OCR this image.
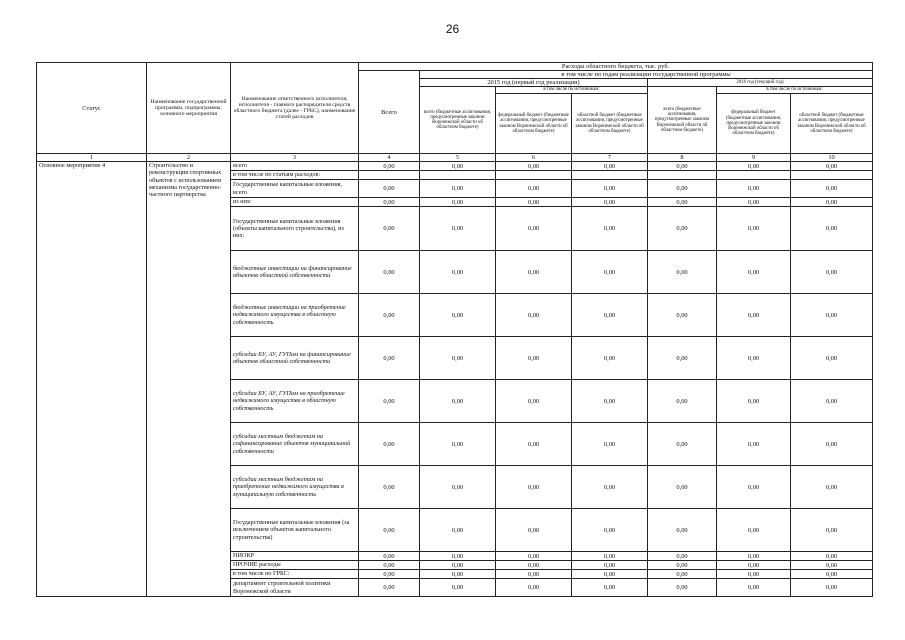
26
Статус	Наименование государственной программы, подпрограммы, основного мероприятия	Наименование ответственного исполнителя, исполнителя - главного распорядителя средств областного бюджета (далее - ГРБС), наименование статей расходов	Расходы областного бюджета, тыс. руб.						
			Всего	в том числе по годам реализации государственной программы					
				2015 год (первый год реализации)			2016 год (текущий год)		
				всего (бюджетные ассигнования, предусмотренные законом Воронежской области об областном бюджете)	в том числе по источникам:		всего (бюджетные ассигнования, предусмотренные законом Воронежской области об областном бюджете)	в том числе по источникам:	
					федеральный бюджет (бюджетные ассигнования, предусмотренные законом Воронежской области об областном бюджете)	областной бюджет (бюджетные ассигнования, предусмотренные законом Воронежской области об областном бюджете)		федеральный бюджет (бюджетные ассигнования, предусмотренные законом Воронежской области об областном бюджете)	областной бюджет (бюджетные ассигнования, предусмотренные законом Воронежской области об областном бюджете)
1	2	3	4	5	6	7	8	9	10
Основное мероприятие 4	Строительство и реконструкция спортивных объектов с использованием механизма государственно-частного партнерства	всего	0,00	0,00	0,00	0,00	0,00	0,00	0,00
		в том числе по статьям расходов:							
		Государственные капитальные вложения, всего	0,00	0,00	0,00	0,00	0,00	0,00	0,00
		из них:	0,00	0,00	0,00	0,00	0,00	0,00	0,00
		Государственные капитальные вложения (объекты капитального строительства), из них:	0,00	0,00	0,00	0,00	0,00	0,00	0,00
		бюджетные инвестиции на финансирование объектов областной собственности	0,00	0,00	0,00	0,00	0,00	0,00	0,00
		бюджетные инвестиции на приобретение недвижимого имущества в областную собственность	0,00	0,00	0,00	0,00	0,00	0,00	0,00
		субсидии БУ, АУ, ГУПам на финансирование объектов областной собственности	0,00	0,00	0,00	0,00	0,00	0,00	0,00
		субсидии БУ, АУ, ГУПам на приобретение недвижимого имущества в областную собственность	0,00	0,00	0,00	0,00	0,00	0,00	0,00
		субсидии местным бюджетам на софинансирование объектов муниципальной собственности	0,00	0,00	0,00	0,00	0,00	0,00	0,00
		субсидии местным бюджетам на приобретение недвижимого имущества в муниципальную собственность	0,00	0,00	0,00	0,00	0,00	0,00	0,00
		Государственные капитальные вложения (за исключением объектов капитального строительства)	0,00	0,00	0,00	0,00	0,00	0,00	0,00
		НИОКР	0,00	0,00	0,00	0,00	0,00	0,00	0,00
		ПРОЧИЕ расходы	0,00	0,00	0,00	0,00	0,00	0,00	0,00
		в том числе по ГРБС:	0,00	0,00	0,00	0,00	0,00	0,00	0,00
		департамент строительной политики Воронежской области	0,00	0,00	0,00	0,00	0,00	0,00	0,00
